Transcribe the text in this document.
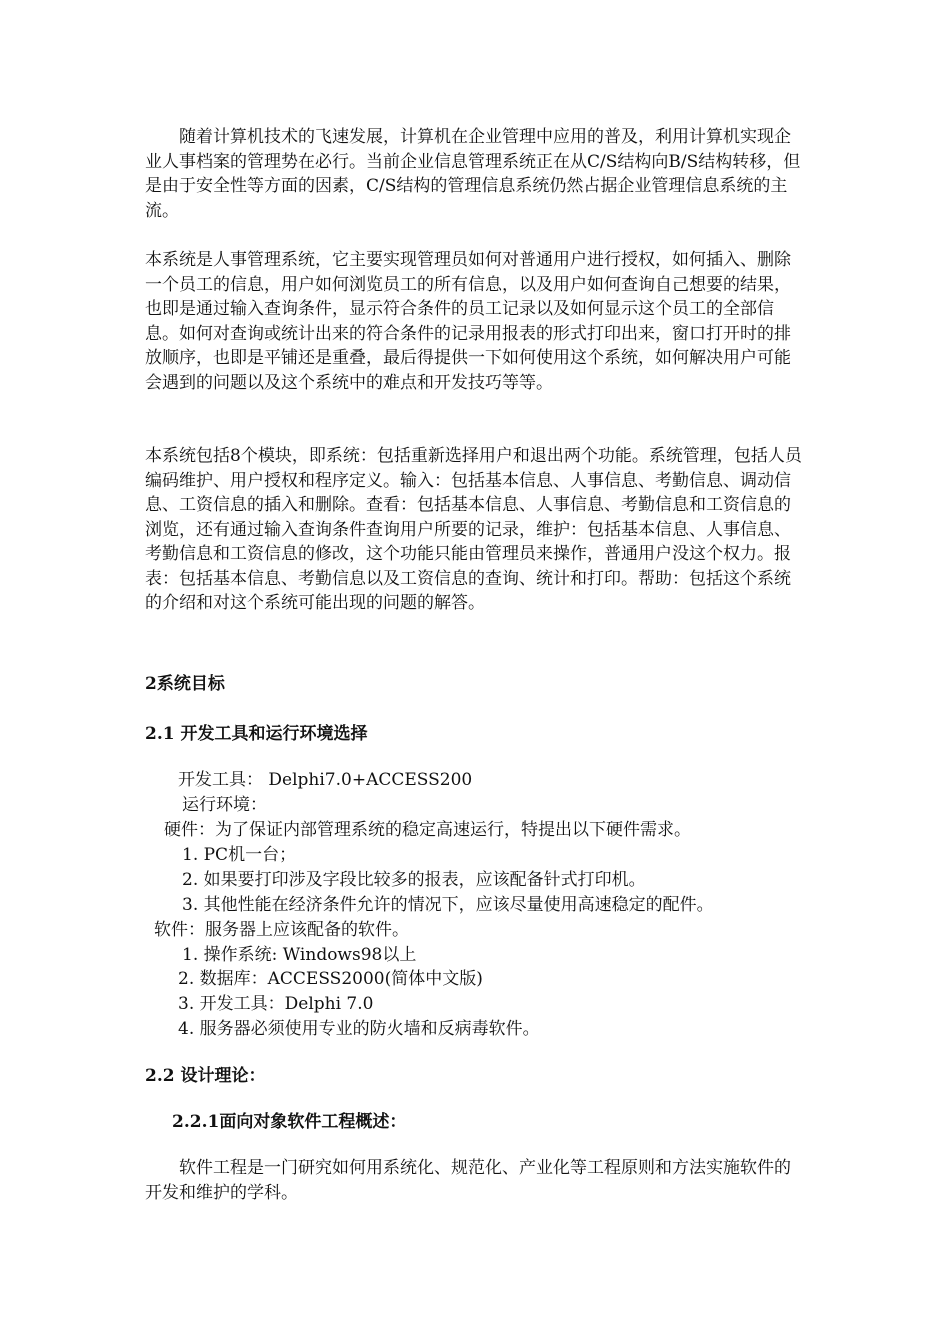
随着计算机技术的飞速发展，计算机在企业管理中应用的普及，利用计算机实现企业人事档案的管理势在必行。当前企业信息管理系统正在从C/S结构向B/S结构转移，但是由于安全性等方面的因素，C/S结构的管理信息系统仍然占据企业管理信息系统的主流。

本系统是人事管理系统，它主要实现管理员如何对普通用户进行授权，如何插入、删除一个员工的信息，用户如何浏览员工的所有信息，以及用户如何查询自己想要的结果，也即是通过输入查询条件，显示符合条件的员工记录以及如何显示这个员工的全部信息。如何对查询或统计出来的符合条件的记录用报表的形式打印出来，窗口打开时的排放顺序，也即是平铺还是重叠，最后得提供一下如何使用这个系统，如何解决用户可能会遇到的问题以及这个系统中的难点和开发技巧等等。

本系统包括8个模块，即系统：包括重新选择用户和退出两个功能。系统管理，包括人员编码维护、用户授权和程序定义。输入：包括基本信息、人事信息、考勤信息、调动信息、工资信息的插入和删除。查看：包括基本信息、人事信息、考勤信息和工资信息的浏览，还有通过输入查询条件查询用户所要的记录，维护：包括基本信息、人事信息、考勤信息和工资信息的修改，这个功能只能由管理员来操作，普通用户没这个权力。报表：包括基本信息、考勤信息以及工资信息的查询、统计和打印。帮助：包括这个系统的介绍和对这个系统可能出现的问题的解答。

2系统目标
2.1 开发工具和运行环境选择
开发工具： Delphi7.0+ACCESS200
运行环境：
硬件：为了保证内部管理系统的稳定高速运行，特提出以下硬件需求。
1. PC机一台；
2. 如果要打印涉及字段比较多的报表，应该配备针式打印机。
3. 其他性能在经济条件允许的情况下，应该尽量使用高速稳定的配件。
软件：服务器上应该配备的软件。
1. 操作系统: Windows98以上
2. 数据库：ACCESS2000(简体中文版)
3. 开发工具：Delphi 7.0
4. 服务器必须使用专业的防火墙和反病毒软件。
2.2 设计理论：
2.2.1面向对象软件工程概述：

软件工程是一门研究如何用系统化、规范化、产业化等工程原则和方法实施软件的开发和维护的学科。
